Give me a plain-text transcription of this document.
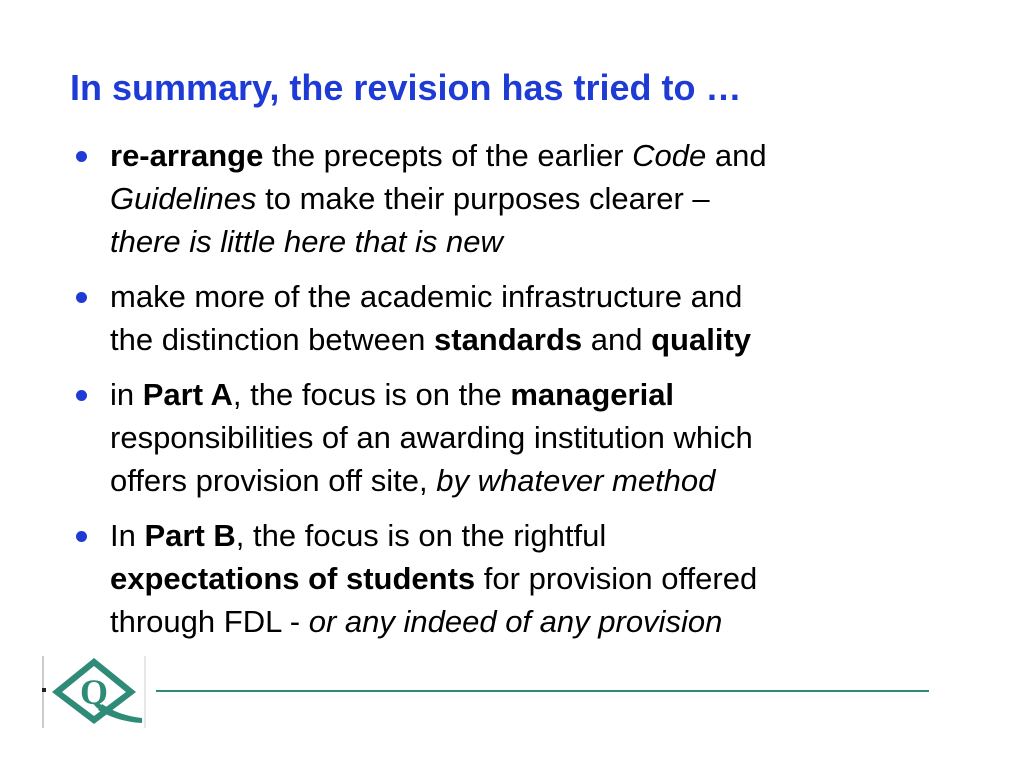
In summary, the revision has tried to …
re-arrange the precepts of the earlier Code and
Guidelines to make their purposes clearer –
there is little here that is new
make more of the academic infrastructure and
the distinction between standards and quality
in Part A, the focus is on the managerial
responsibilities of an awarding institution which
offers provision off site, by whatever method
In Part B, the focus is on the rightful
expectations of students for provision offered
through FDL - or any indeed of any provision
Q
